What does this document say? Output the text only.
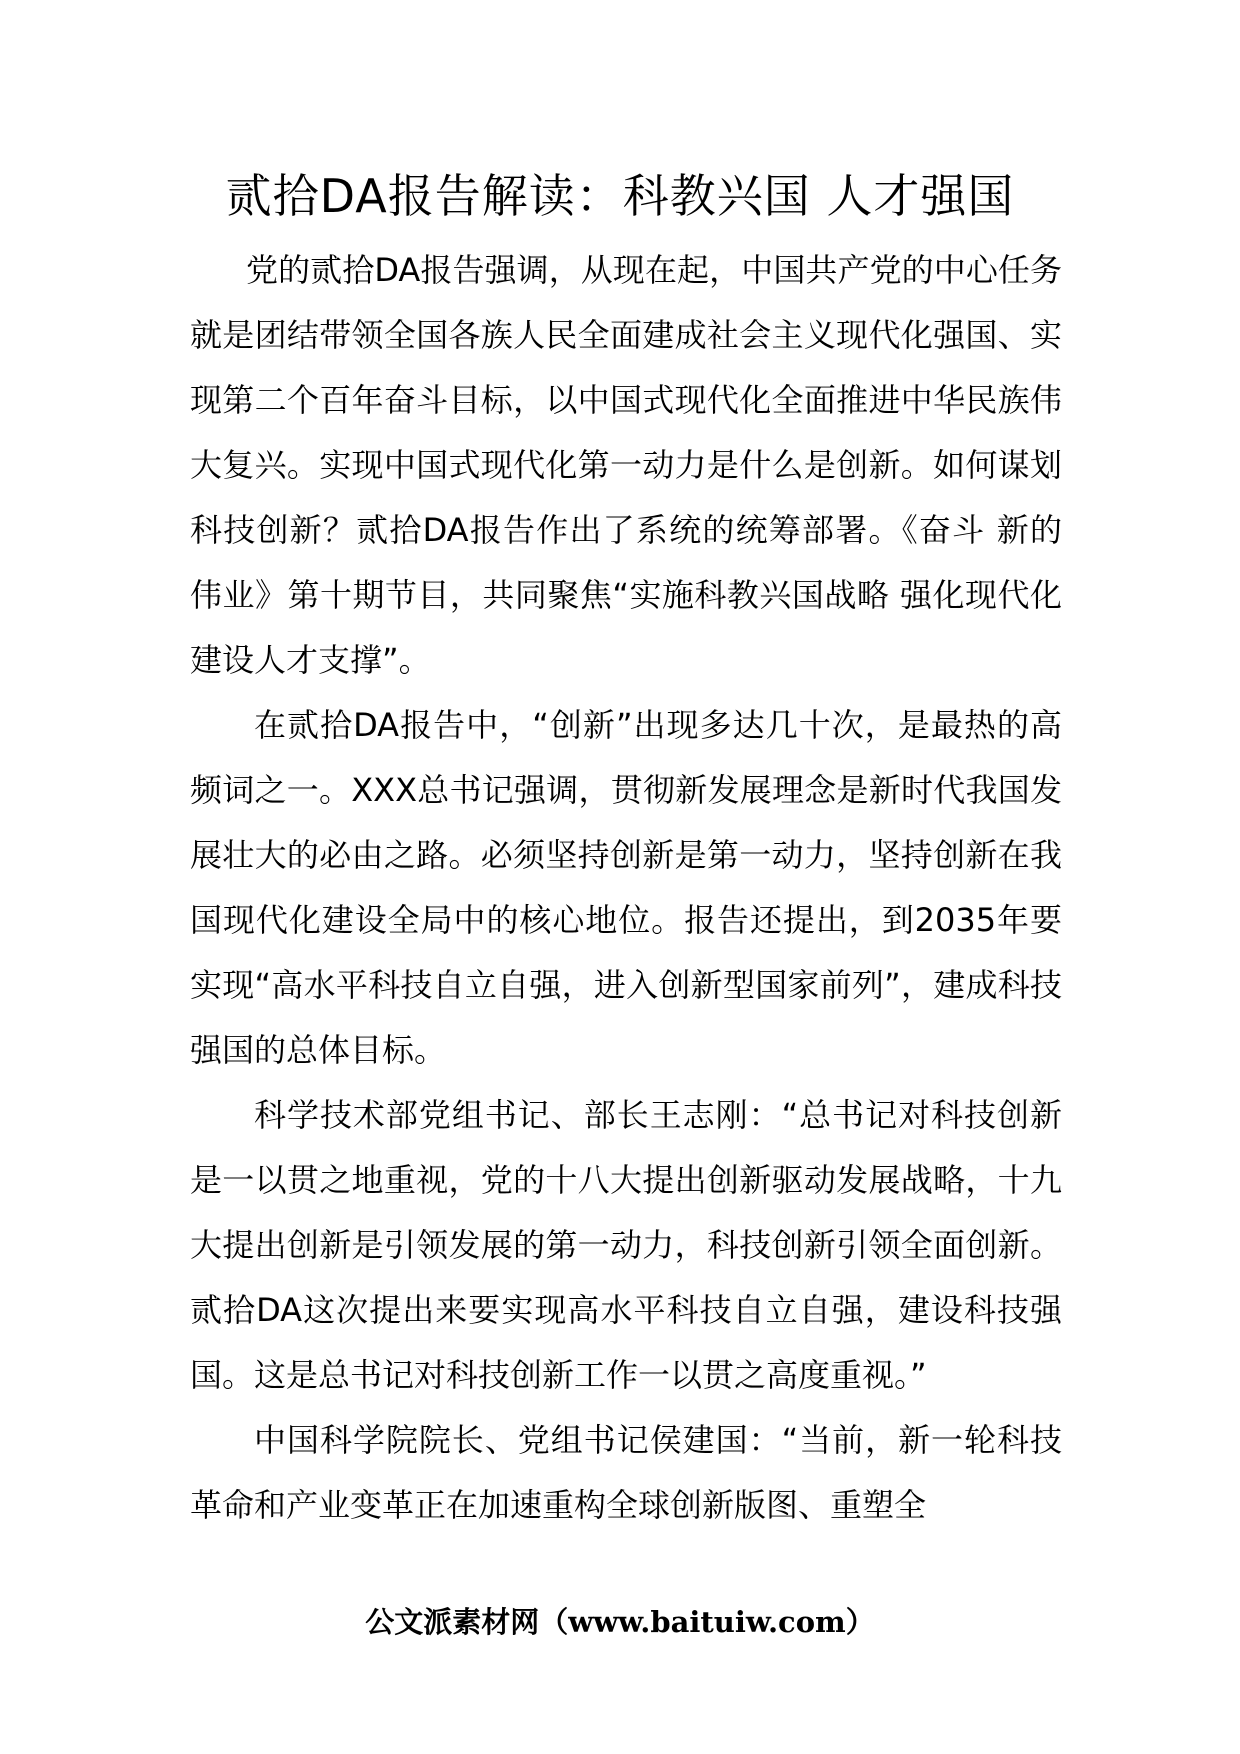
贰拾DA报告解读：科教兴国 人才强国

党的贰拾DA报告强调，从现在起，中国共产党的中心任务就是团结带领全国各族人民全面建成社会主义现代化强国、实现第二个百年奋斗目标，以中国式现代化全面推进中华民族伟大复兴。实现中国式现代化第一动力是什么是创新。如何谋划科技创新？贰拾DA报告作出了系统的统筹部署。《奋斗 新的伟业》第十期节目，共同聚焦“实施科教兴国战略 强化现代化建设人才支撑”。

在贰拾DA报告中，“创新”出现多达几十次，是最热的高频词之一。XXX总书记强调，贯彻新发展理念是新时代我国发展壮大的必由之路。必须坚持创新是第一动力，坚持创新在我国现代化建设全局中的核心地位。报告还提出，到2035年要实现“高水平科技自立自强，进入创新型国家前列”，建成科技强国的总体目标。

科学技术部党组书记、部长王志刚：“总书记对科技创新是一以贯之地重视，党的十八大提出创新驱动发展战略，十九大提出创新是引领发展的第一动力，科技创新引领全面创新。贰拾DA这次提出来要实现高水平科技自立自强，建设科技强国。这是总书记对科技创新工作一以贯之高度重视。”

中国科学院院长、党组书记侯建国：“当前，新一轮科技革命和产业变革正在加速重构全球创新版图、重塑全

公文派素材网（www.baituiw.com）
